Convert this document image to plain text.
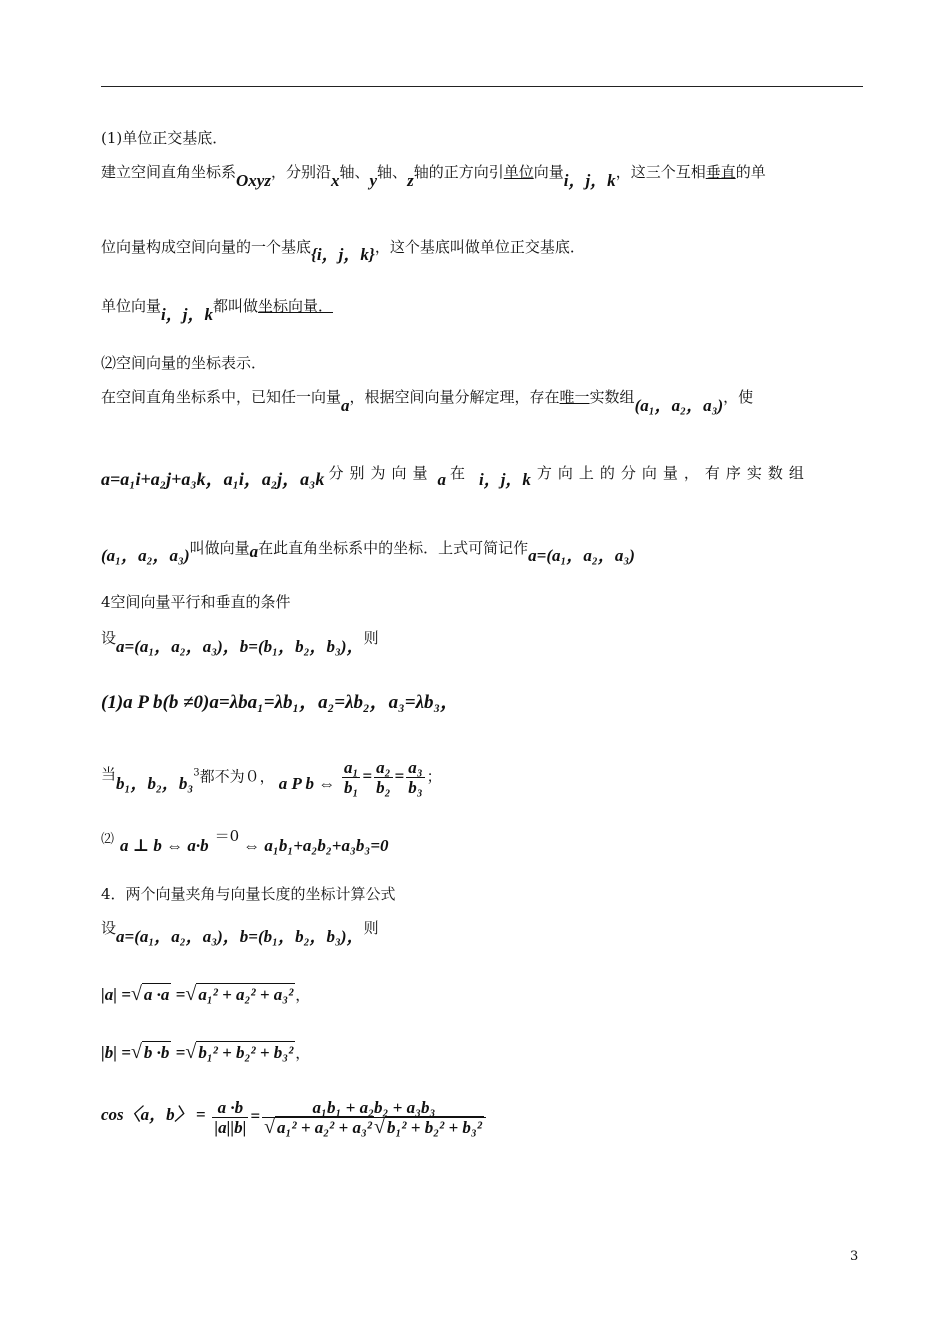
(1)单位正交基底．
建立空间直角坐标系Oxyz，分别沿x轴、y轴、z轴的正方向引单位向量i，j，k，这三个互相垂直的单
位向量构成空间向量的一个基底{i，j，k}，这个基底叫做单位正交基底．
单位向量i，j，k都叫做坐标向量．
⑵空间向量的坐标表示．
在空间直角坐标系中，已知任一向量a，根据空间向量分解定理，存在唯一实数组(a₁，a₂，a₃)，使
a=a₁i+a₂j+a₃k，a₁i，a₂j，a₃k 分别为向量 a 在 i，j，k 方向上的分向量，有序实数组
(a₁，a₂，a₃)叫做向量a在此直角坐标系中的坐标．上式可简记作a=(a₁，a₂，a₃)
4空间向量平行和垂直的条件
设a=(a₁，a₂，a₃)，b=(b₁，b₂，b₃)，则
(1)a P b(b ≠0)a=λba₁=λb₁，a₂=λb₂，a₃=λb₃，
当b₁，b₂，b₃$^3$都不为０， a P b ⇔ $\frac{\text{a₁}}{\text{b₁}} = \frac{\text{a₂}}{\text{b₂}} = \frac{\text{a₃}}{\text{b₃}}$ ；
⑵ a ⊥ b ⇔ a·b ＝0 ⇔ a₁b₁+a₂b₂+a₃b₃=0
4．两个向量夹角与向量长度的坐标计算公式
设a=(a₁，a₂，a₃)，b=(b₁，b₂，b₃)，则
|a| =√ a ·a =√ a₁² + a₂² + a₃² ，
|b| =√ b ·b =√ b₁² + b₂² + b₃² ，
cos〈a，b〉 = $\frac{a \cdot b}{|a||b|} = \frac{\text{a₁b₁ + a₂b₂ + a₃b₃}}{\text{√ a₁² + a₂² + a₃² √ b₁² + b₂² + b₃²}}$
3
